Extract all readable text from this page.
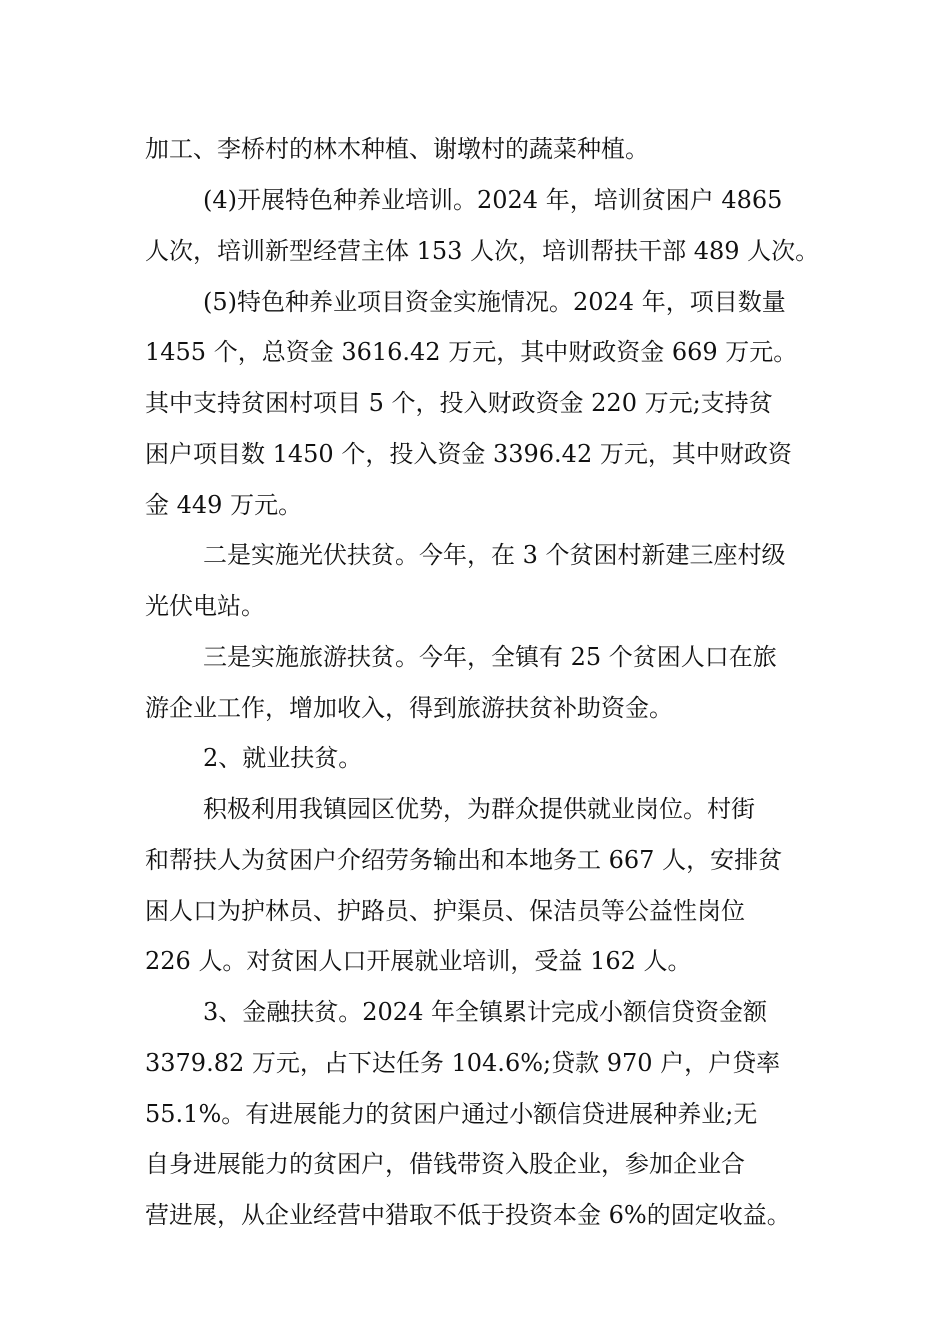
加工、李桥村的林木种植、谢墩村的蔬菜种植。
(4)开展特色种养业培训。2024 年，培训贫困户 4865
人次，培训新型经营主体 153 人次，培训帮扶干部 489 人次。
(5)特色种养业项目资金实施情况。2024 年，项目数量
1455 个，总资金 3616.42 万元，其中财政资金 669 万元。
其中支持贫困村项目 5 个，投入财政资金 220 万元;支持贫
困户项目数 1450 个，投入资金 3396.42 万元，其中财政资
金 449 万元。
二是实施光伏扶贫。今年，在 3 个贫困村新建三座村级
光伏电站。
三是实施旅游扶贫。今年，全镇有 25 个贫困人口在旅
游企业工作，增加收入，得到旅游扶贫补助资金。
2、就业扶贫。
积极利用我镇园区优势，为群众提供就业岗位。村街
和帮扶人为贫困户介绍劳务输出和本地务工 667 人，安排贫
困人口为护林员、护路员、护渠员、保洁员等公益性岗位
226 人。对贫困人口开展就业培训，受益 162 人。
3、金融扶贫。2024 年全镇累计完成小额信贷资金额
3379.82 万元，占下达任务 104.6%;贷款 970 户，户贷率
55.1%。有进展能力的贫困户通过小额信贷进展种养业;无
自身进展能力的贫困户，借钱带资入股企业，参加企业合
营进展，从企业经营中猎取不低于投资本金 6%的固定收益。
